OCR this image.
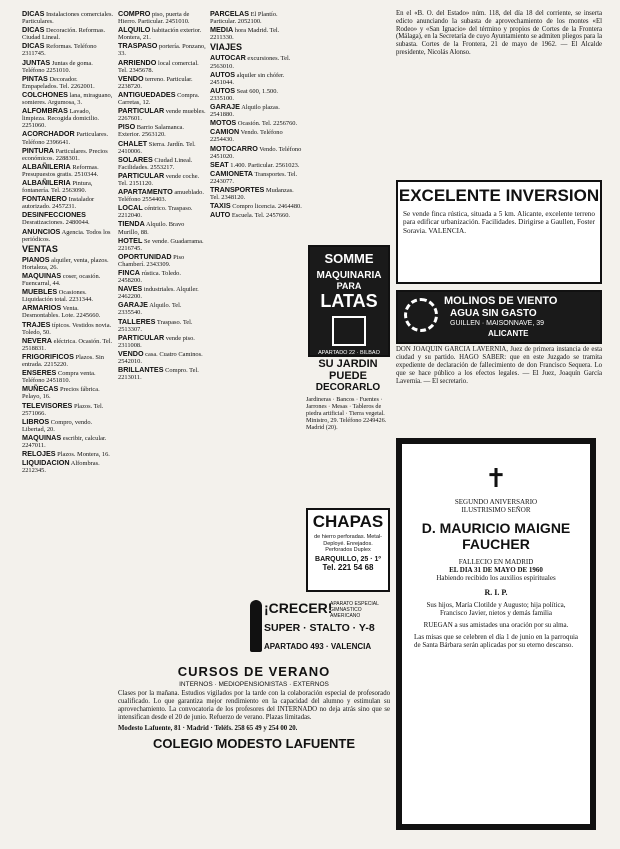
DICAS Instalaciones comerciales. Particulares.

DICAS Decoración. Reformas. Ciudad Lineal.

DICAS Reformas. Teléfono 2311745.

JUNTAS Juntas de goma. Teléfono 2251010.

PINTAS Decorador. Empapelados. Tel. 2262001.

COLCHONES lana, miraguano, somieres. Argumosa, 3.

ALFOMBRAS Lavado, limpieza. Recogida domicilio. 2251060.

ACORCHADOR Particulares. Teléfono 2396641.

PINTURA Particulares. Precios económicos. 2288301.

ALBAÑILERIA Reformas. Presupuestos gratis. 2510344.

ALBAÑILERIA Pintura, fontanería. Tel. 2563090.

FONTANERO Instalador autorizado. 2457231.

DESINFECCIONES Desratizaciones. 2480044.

ANUNCIOS Agencia. Todos los periódicos.

VENTAS

PIANOS alquiler, venta, plazos. Hortaleza, 26.

MAQUINAS coser, ocasión. Fuencarral, 44.

MUEBLES Ocasiones. Liquidación total. 2231344.

ARMARIOS Venta. Desmontables. Lote. 2245660.

TRAJES típicos. Vestidos novia. Toledo, 50.

NEVERA eléctrica. Ocasión. Tel. 2518831.

FRIGORIFICOS Plazos. Sin entrada. 2215220.

ENSERES Compra venta. Teléfono 2451810.

MUÑECAS Precios fábrica. Pelayo, 16.

TELEVISORES Plazos. Tel. 2571066.

LIBROS Compro, vendo. Libertad, 20.

MAQUINAS escribir, calcular. 2247011.

RELOJES Plazos. Montera, 16.

LIQUIDACION Alfombras. 2212345.

COMPRO piso, puerta de Hierro. Particular. 2451010.

ALQUILO habitación exterior. Montera, 21.

TRASPASO portería. Ponzano, 33.

ARRIENDO local comercial. Tel. 2345678.

VENDO terreno. Particular. 2238720.

ANTIGUEDADES Compra. Carretas, 12.

PARTICULAR vende muebles. 2267601.

PISO Barrio Salamanca. Exterior. 2563120.

CHALET Sierra. Jardín. Tel. 2410006.

SOLARES Ciudad Lineal. Facilidades. 2553217.

PARTICULAR vende coche. Tel. 2151120.

APARTAMENTO amueblado. Teléfono 2554403.

LOCAL céntrico. Traspaso. 2212040.

TIENDA Alquilo. Bravo Murillo, 88.

HOTEL Se vende. Guadarrama. 2216745.

OPORTUNIDAD Piso Chamberí. 2343309.

FINCA rústica. Toledo. 2458200.

NAVES industriales. Alquiler. 2462200.

GARAJE Alquilo. Tel. 2335540.

TALLERES Traspaso. Tel. 2513307.

PARTICULAR vende piso. 2311008.

VENDO casa. Cuatro Caminos. 2542010.

BRILLANTES Compro. Tel. 2213011.

PARCELAS El Plantío. Particular. 2052100.

MEDIA hora Madrid. Tel. 2211330.

VIAJES

AUTOCAR excursiones. Tel. 2563010.

AUTOS alquiler sin chófer. 2451044.

AUTOS Seat 600, 1.500. 2335100.

GARAJE Alquilo plazas. 2541880.

MOTOS Ocasión. Tel. 2256760.

CAMION Vendo. Teléfono 2254430.

MOTOCARRO Vendo. Teléfono 2451020.

SEAT 1.400. Particular. 2561023.

CAMIONETA Transportes. Tel. 2243077.

TRANSPORTES Mudanzas. Tel. 2348120.

TAXIS Compro licencia. 2464480.

AUTO Escuela. Tel. 2457660.

SOMME
MAQUINARIA
PARA
LATAS
APARTADO 22 · BILBAO
SU JARDIN
PUEDE
DECORARLO
Jardineras · Bancos · Fuentes · Jarrones · Mesas · Tableros de piedra artificial · Tierra vegetal. Ministro, 29. Teléfono 2249426. Madrid (20).
CHAPAS
de hierro perforadas. Metal-Deployé. Enrejados. Perforados Duplex
BARQUILLO, 25 · 1º
Tel. 221 54 68

En el «B. O. del Estado» núm. 118, del día 18 del corriente, se inserta edicto anunciando la subasta de aprovechamiento de los montes «El Rodeo» y «San Ignacio» del término y propios de Cortes de la Frontera (Málaga), en la Secretaría de cuyo Ayuntamiento se admiten pliegos para la subasta. Cortes de la Frontera, 21 de mayo de 1962. — El Alcalde presidente, Nicolás Alonso.

EXCELENTE INVERSION
Se vende finca rústica, situada a 5 km. Alicante, excelente terreno para edificar urbanización. Facilidades. Dirigirse a Gaullen, Foster Soravia. VALENCIA.
MOLINOS DE VIENTO
AGUA SIN GASTO
GUILLEN · MAISONNAVE, 39
ALICANTE

DON JOAQUIN GARCIA LAVERNIA, Juez de primera instancia de esta ciudad y su partido. HAGO SABER: que en este Juzgado se tramita expediente de declaración de fallecimiento de don Francisco Sequera. Lo que se hace público a los efectos legales. — El Juez, Joaquín García Lavernia. — El secretario.

✝
SEGUNDO ANIVERSARIO
ILUSTRISIMO SEÑOR
D. MAURICIO MAIGNE
FAUCHER
FALLECIO EN MADRID
EL DIA 31 DE MAYO DE 1960
Habiendo recibido los auxilios espirituales
R. I. P.
Sus hijos, María Clotilde y Augusto; hija política, Francisco Javier, nietos y demás familia
RUEGAN a sus amistades una oración por su alma.
Las misas que se celebren el día 1 de junio en la parroquia de Santa Bárbara serán aplicadas por su eterno descanso.
¡CRECER!
APARATO ESPECIAL GIMNASTICO AMERICANO
SUPER · STALTO · Y-8
APARTADO 493 · VALENCIA
CURSOS DE VERANO
INTERNOS · MEDIOPENSIONISTAS · EXTERNOS
Clases por la mañana. Estudios vigilados por la tarde con la colaboración especial de profesorado cualificado. Lo que garantiza mejor rendimiento en la capacidad del alumno y estimulan su aprovechamiento. La convocatoria de los profesores del INTERNADO no deja atrás sino que se intensifican desde el 20 de junio. Refuerzo de verano. Plazas limitadas.
Modesto Lafuente, 81 · Madrid · Teléfs. 258 65 49 y 254 00 20.
COLEGIO MODESTO LAFUENTE
